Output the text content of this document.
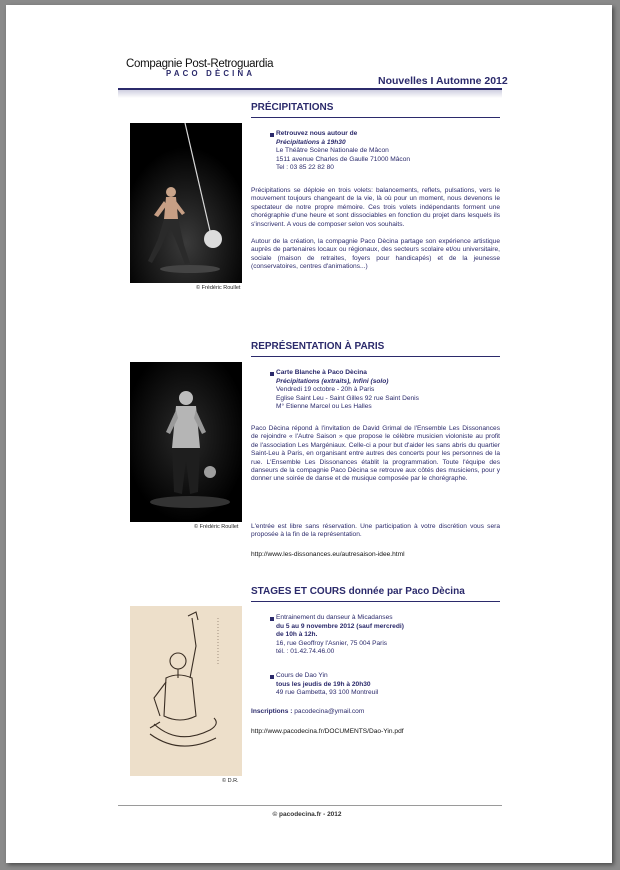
Compagnie Post-Retroguardia
PACO DÈCINA
Nouvelles I Automne 2012
PRÉCIPITATIONS
© Frédéric Roullet
Retrouvez nous autour de
Précipitations à 19h30
Le Théâtre Scène Nationale de Mâcon
1511 avenue Charles de Gaulle 71000 Mâcon
Tel : 03 85 22 82 80
Précipitations se déploie en trois volets: balancements, reflets, pulsations, vers le mouvement toujours changeant de la vie, là où pour un moment, nous devenons le spectateur de notre propre mémoire. Ces trois volets indépendants forment une chorégraphie d'une heure et sont dissociables en fonction du projet dans lesquels ils s'inscrivent. A vous de composer selon vos souhaits.
Autour de la création, la compagnie Paco Dècina partage son expérience artistique auprès de partenaires locaux ou régionaux, des secteurs scolaire et/ou universitaire, sociale (maison de retraites, foyers pour handicapés) et de la jeunesse (conservatoires, centres d'animations...)
REPRÉSENTATION À PARIS
© Frédéric Roullet
Carte Blanche à Paco Dècina
Précipitations (extraits), Infini (solo)
Vendredi 19 octobre - 20h à Paris
Eglise Saint Leu - Saint Gilles 92 rue Saint Denis
M° Etienne Marcel ou Les Halles
Paco Dècina répond à l'invitation de David Grimal de l'Ensemble Les Dissonances de rejoindre « l'Autre Saison » que propose le célèbre musicien violoniste au profit de l'association Les Margéniaux. Celle-ci a pour but d'aider les sans abris du quartier Saint-Leu à Paris, en organisant entre autres des concerts pour les personnes de la rue. L'Ensemble Les Dissonances établit la programmation. Toute l'équipe des danseurs de la compagnie Paco Dècina se retrouve aux côtés des musiciens, pour y donner une soirée de danse et de musique composée par le chorégraphe.
L'entrée est libre sans réservation. Une participation à votre discrétion vous sera proposée à la fin de la représentation.
http://www.les-dissonances.eu/autresaison-idee.html
STAGES ET COURS donnée par Paco Dècina
© D.R.
Entrainement du danseur à Micadanses
du 5 au 9 novembre 2012 (sauf mercredi)
de 10h à 12h.
16, rue Geoffroy l'Asnier, 75 004 Paris
tél. : 01.42.74.46.00
Cours de Dao Yin
tous les jeudis de 19h à 20h30
49 rue Gambetta, 93 100 Montreuil
Inscriptions : pacodecina@ymail.com
http://www.pacodecina.fr/DOCUMENTS/Dao-Yin.pdf
© pacodecina.fr - 2012
